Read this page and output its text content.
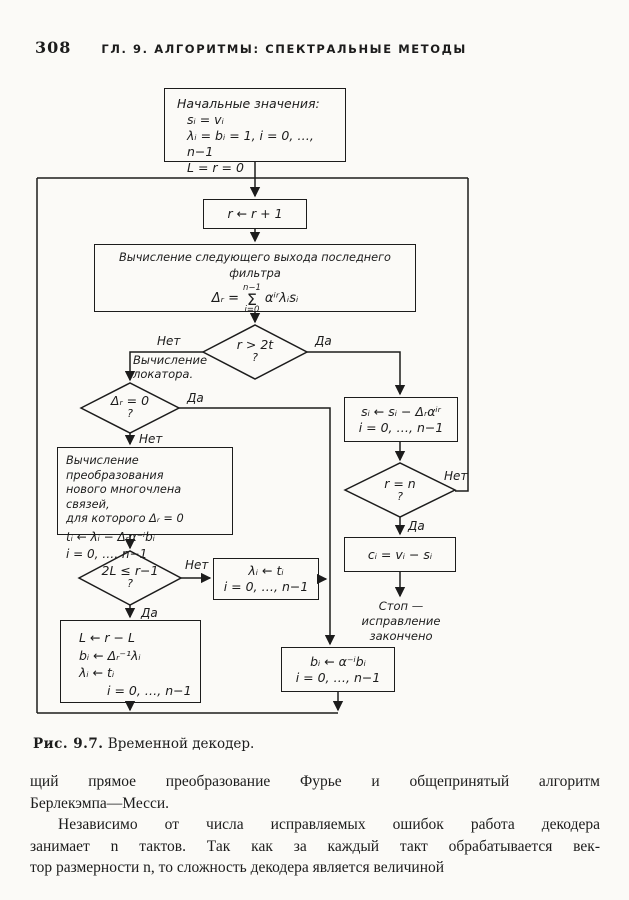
308	ГЛ. 9. АЛГОРИТМЫ: СПЕКТРАЛЬНЫЕ МЕТОДЫ
Начальные значения:
sᵢ = vᵢ
λᵢ = bᵢ = 1, i = 0, …, n−1
L = r = 0
r ← r + 1
Вычисление следующего выхода последнего фильтра
Δᵣ =
n−1
Σ
i=0
αⁱʳλᵢsᵢ
r > 2t
?
Δᵣ = 0
?
2L ≤ r−1
?
r = n
?
Нет	Да
Да
Нет
Нет
Да
Нет
Да
Вычисление
локатора.
Вычисление преобразования
нового многочлена связей,
для которого Δᵣ = 0
tᵢ ← λᵢ − Δᵣα⁻ⁱbᵢ
i = 0, …, n−1
λᵢ ← tᵢ
i = 0, …, n−1
L ← r − L
bᵢ ← Δᵣ⁻¹λᵢ
λᵢ ← tᵢ
i = 0, …, n−1
sᵢ ← sᵢ − Δᵣαⁱʳ
i = 0, …, n−1
cᵢ = vᵢ − sᵢ
Стоп —
исправление
закончено
bᵢ ← α⁻ⁱbᵢ
i = 0, …, n−1
Рис. 9.7. Временной декодер.
щий прямое преобразование Фурье и общепринятый алгоритм
Берлекэмпа—Месси.
Независимо от числа исправляемых ошибок работа декодера
занимает n тактов. Так как за каждый такт обрабатывается век-
тор размерности n, то сложность декодера является величиной
